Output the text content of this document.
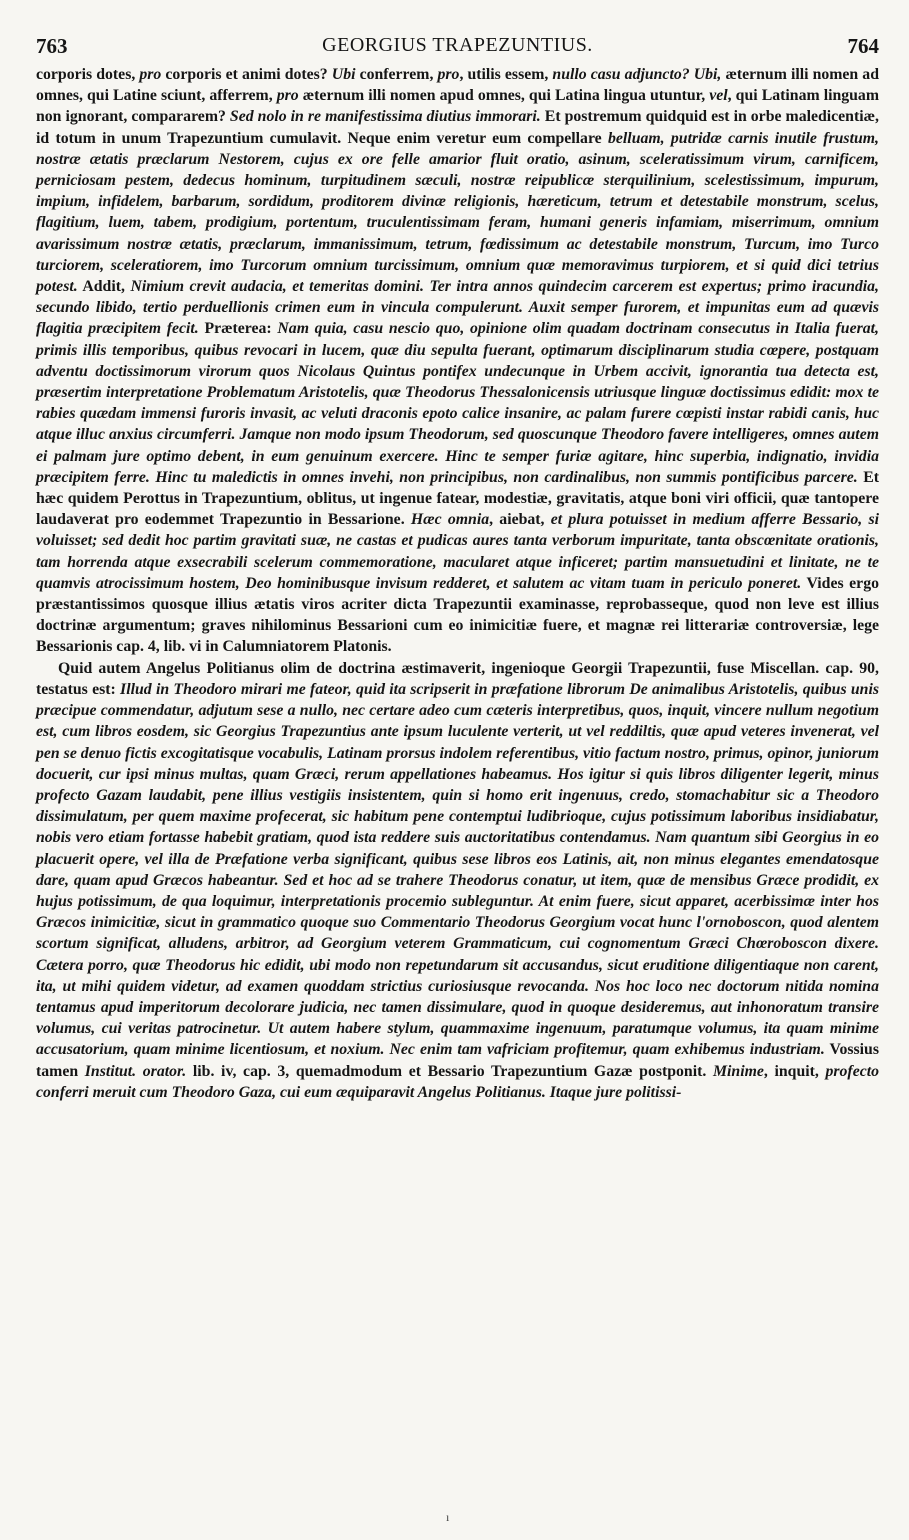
763	GEORGIUS TRAPEZUNTIUS.	764

corporis dotes, pro corporis et animi dotes? Ubi conferrem, pro, utilis essem, nullo casu adjuncto? Ubi, æternum illi nomen ad omnes, qui Latine sciunt, afferrem, pro æternum illi nomen apud omnes, qui Latina lingua utuntur, vel, qui Latinam linguam non ignorant, compararem? Sed nolo in re manifestissima diutius immorari. Et postremum quidquid est in orbe maledicentiæ, id totum in unum Trapezuntium cumulavit. Neque enim veretur eum compellare belluam, putridæ carnis inutile frustum, nostræ ætatis præclarum Nestorem, cujus ex ore felle amarior fluit oratio, asinum, sceleratissimum virum, carnificem, perniciosam pestem, dedecus hominum, turpitudinem sæculi, nostræ reipublicæ sterquilinium, scelestissimum, impurum, impium, infidelem, barbarum, sordidum, proditorem divinæ religionis, hæreticum, tetrum et detestabile monstrum, scelus, flagitium, luem, tabem, prodigium, portentum, truculentissimam feram, humani generis infamiam, miserrimum, omnium avarissimum nostræ ætatis, præclarum, immanissimum, tetrum, fœdissimum ac detestabile monstrum, Turcum, imo Turco turciorem, sceleratiorem, imo Turcorum omnium turcissimum, omnium quæ memoravimus turpiorem, et si quid dici tetrius potest. Addit, Nimium crevit audacia, et temeritas domini. Ter intra annos quindecim carcerem est expertus; primo iracundia, secundo libido, tertio perduellionis crimen eum in vincula compulerunt. Auxit semper furorem, et impunitas eum ad quævis flagitia præcipitem fecit. Præterea: Nam quia, casu nescio quo, opinione olim quadam doctrinam consecutus in Italia fuerat, primis illis temporibus, quibus revocari in lucem, quæ diu sepulta fuerant, optimarum disciplinarum studia cœpere, postquam adventu doctissimorum virorum quos Nicolaus Quintus pontifex undecunque in Urbem accivit, ignorantia tua detecta est, præsertim interpretatione Problematum Aristotelis, quæ Theodorus Thessalonicensis utriusque linguæ doctissimus edidit: mox te rabies quædam immensi furoris invasit, ac veluti draconis epoto calice insanire, ac palam furere cœpisti instar rabidi canis, huc atque illuc anxius circumferri. Jamque non modo ipsum Theodorum, sed quoscunque Theodoro favere intelligeres, omnes autem ei palmam jure optimo debent, in eum genuinum exercere. Hinc te semper furiæ agitare, hinc superbia, indignatio, invidia præcipitem ferre. Hinc tu maledictis in omnes invehi, non principibus, non cardinalibus, non summis pontificibus parcere. Et hæc quidem Perottus in Trapezuntium, oblitus, ut ingenue fatear, modestiæ, gravitatis, atque boni viri officii, quæ tantopere laudaverat pro eodemmet Trapezuntio in Bessarione. Hæc omnia, aiebat, et plura potuisset in medium afferre Bessario, si voluisset; sed dedit hoc partim gravitati suæ, ne castas et pudicas aures tanta verborum impuritate, tanta obscœnitate orationis, tam horrenda atque exsecrabili scelerum commemoratione, macularet atque inficeret; partim mansuetudini et linitate, ne te quamvis atrocissimum hostem, Deo hominibusque invisum redderet, et salutem ac vitam tuam in periculo poneret. Vides ergo præstantissimos quosque illius ætatis viros acriter dicta Trapezuntii examinasse, reprobasseque, quod non leve est illius doctrinæ argumentum; graves nihilominus Bessarioni cum eo inimicitiæ fuere, et magnæ rei litterariæ controversiæ, lege Bessarionis cap. 4, lib. vi in Calumniatorem Platonis.

Quid autem Angelus Politianus olim de doctrina æstimaverit, ingenioque Georgii Trapezuntii, fuse Miscellan. cap. 90, testatus est: Illud in Theodoro mirari me fateor, quid ita scripserit in præfatione librorum De animalibus Aristotelis, quibus unis præcipue commendatur, adjutum sese a nullo, nec certare adeo cum cæteris interpretibus, quos, inquit, vincere nullum negotium est, cum libros eosdem, sic Georgius Trapezuntius ante ipsum luculente verterit, ut vel reddiltis, quæ apud veteres invenerat, vel pen se denuo fictis excogitatisque vocabulis, Latinam prorsus indolem referentibus, vitio factum nostro, primus, opinor, juniorum docuerit, cur ipsi minus multas, quam Græci, rerum appellationes habeamus. Hos igitur si quis libros diligenter legerit, minus profecto Gazam laudabit, pene illius vestigiis insistentem, quin si homo erit ingenuus, credo, stomachabitur sic a Theodoro dissimulatum, per quem maxime profecerat, sic habitum pene contemptui ludibrioque, cujus potissimum laboribus insidiabatur, nobis vero etiam fortasse habebit gratiam, quod ista reddere suis auctoritatibus contendamus. Nam quantum sibi Georgius in eo placuerit opere, vel illa de Præfatione verba significant, quibus sese libros eos Latinis, ait, non minus elegantes emendatosque dare, quam apud Græcos habeantur. Sed et hoc ad se trahere Theodorus conatur, ut item, quæ de mensibus Græce prodidit, ex hujus potissimum, de qua loquimur, interpretationis procemio subleguntur. At enim fuere, sicut apparet, acerbissimæ inter hos Græcos inimicitiæ, sicut in grammatico quoque suo Commentario Theodorus Georgium vocat hunc l'ornoboscon, quod alentem scortum significat, alludens, arbitror, ad Georgium veterem Grammaticum, cui cognomentum Græci Chœroboscon dixere. Cætera porro, quæ Theodorus hic edidit, ubi modo non repetundarum sit accusandus, sicut eruditione diligentiaque non carent, ita, ut mihi quidem videtur, ad examen quoddam strictius curiosiusque revocanda. Nos hoc loco nec doctorum nitida nomina tentamus apud imperitorum decolorare judicia, nec tamen dissimulare, quod in quoque desideremus, aut inhonoratum transire volumus, cui veritas patrocinetur. Ut autem habere stylum, quammaxime ingenuum, paratumque volumus, ita quam minime accusatorium, quam minime licentiosum, et noxium. Nec enim tam vafriciam profitemur, quam exhibemus industriam. Vossius tamen Institut. orator. lib. iv, cap. 3, quemadmodum et Bessario Trapezuntium Gazæ postponit. Minime, inquit, profecto conferri meruit cum Theodoro Gaza, cui eum æquiparavit Angelus Politianus. Itaque jure politissi-

ı
